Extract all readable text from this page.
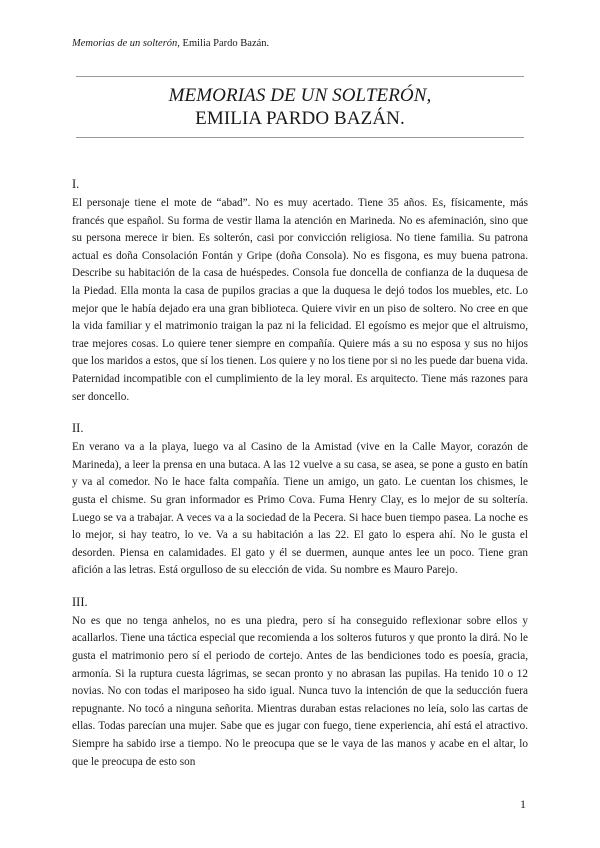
Memorias de un solterón, Emilia Pardo Bazán.
MEMORIAS DE UN SOLTERÓN,
EMILIA PARDO BAZÁN.

I.

El personaje tiene el mote de “abad”. No es muy acertado. Tiene 35 años. Es, físicamente, más francés que español. Su forma de vestir llama la atención en Marineda. No es afeminación, sino que su persona merece ir bien. Es solterón, casi por convicción religiosa. No tiene familia. Su patrona actual es doña Consolación Fontán y Gripe (doña Consola). No es fisgona, es muy buena patrona. Describe su habitación de la casa de huéspedes. Consola fue doncella de confianza de la duquesa de la Piedad. Ella monta la casa de pupilos gracias a que la duquesa le dejó todos los muebles, etc. Lo mejor que le había dejado era una gran biblioteca. Quiere vivir en un piso de soltero. No cree en que la vida familiar y el matrimonio traigan la paz ni la felicidad. El egoísmo es mejor que el altruismo, trae mejores cosas. Lo quiere tener siempre en compañía. Quiere más a su no esposa y sus no hijos que los maridos a estos, que sí los tienen. Los quiere y no los tiene por si no les puede dar buena vida. Paternidad incompatible con el cumplimiento de la ley moral. Es arquitecto. Tiene más razones para ser doncello.

II.

En verano va a la playa, luego va al Casino de la Amistad (vive en la Calle Mayor, corazón de Marineda), a leer la prensa en una butaca. A las 12 vuelve a su casa, se asea, se pone a gusto en batín y va al comedor. No le hace falta compañía. Tiene un amigo, un gato. Le cuentan los chismes, le gusta el chisme. Su gran informador es Primo Cova. Fuma Henry Clay, es lo mejor de su soltería. Luego se va a trabajar. A veces va a la sociedad de la Pecera. Si hace buen tiempo pasea. La noche es lo mejor, si hay teatro, lo ve. Va a su habitación a las 22. El gato lo espera ahí. No le gusta el desorden. Piensa en calamidades. El gato y él se duermen, aunque antes lee un poco. Tiene gran afición a las letras. Está orgulloso de su elección de vida. Su nombre es Mauro Parejo.

III.

No es que no tenga anhelos, no es una piedra, pero sí ha conseguido reflexionar sobre ellos y acallarlos. Tiene una táctica especial que recomienda a los solteros futuros y que pronto la dirá. No le gusta el matrimonio pero sí el periodo de cortejo. Antes de las bendiciones todo es poesía, gracia, armonía. Si la ruptura cuesta lágrimas, se secan pronto y no abrasan las pupilas. Ha tenido 10 o 12 novias. No con todas el mariposeo ha sido igual. Nunca tuvo la intención de que la seducción fuera repugnante. No tocó a ninguna señorita. Mientras duraban estas relaciones no leía, solo las cartas de ellas. Todas parecían una mujer. Sabe que es jugar con fuego, tiene experiencia, ahí está el atractivo. Siempre ha sabido irse a tiempo. No le preocupa que se le vaya de las manos y acabe en el altar, lo que le preocupa de esto son

1
